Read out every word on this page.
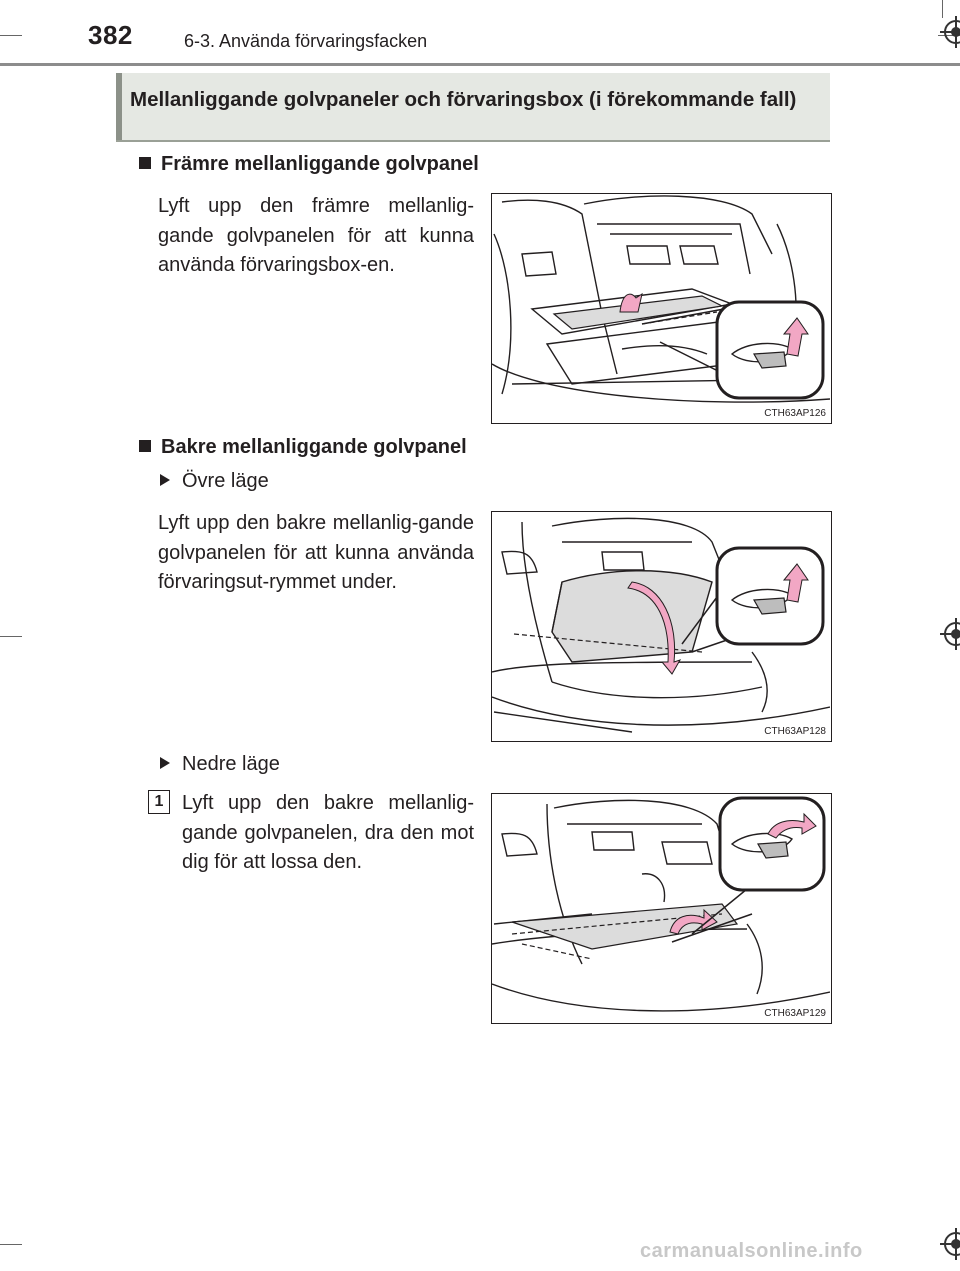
382	6-3. Använda förvaringsfacken
Mellanliggande golvpaneler och förvaringsbox (i förekommande fall)
Främre mellanliggande golvpanel
Lyft upp den främre mellanlig-gande golvpanelen för att kunna använda förvaringsbox-en.
CTH63AP126
Bakre mellanliggande golvpanel
Övre läge
Lyft upp den bakre mellanlig-gande golvpanelen för att kunna använda förvaringsut-rymmet under.
CTH63AP128
Nedre läge
1 Lyft upp den bakre mellanlig-gande golvpanelen, dra den mot dig för att lossa den.
CTH63AP129
carmanualsonline.info
